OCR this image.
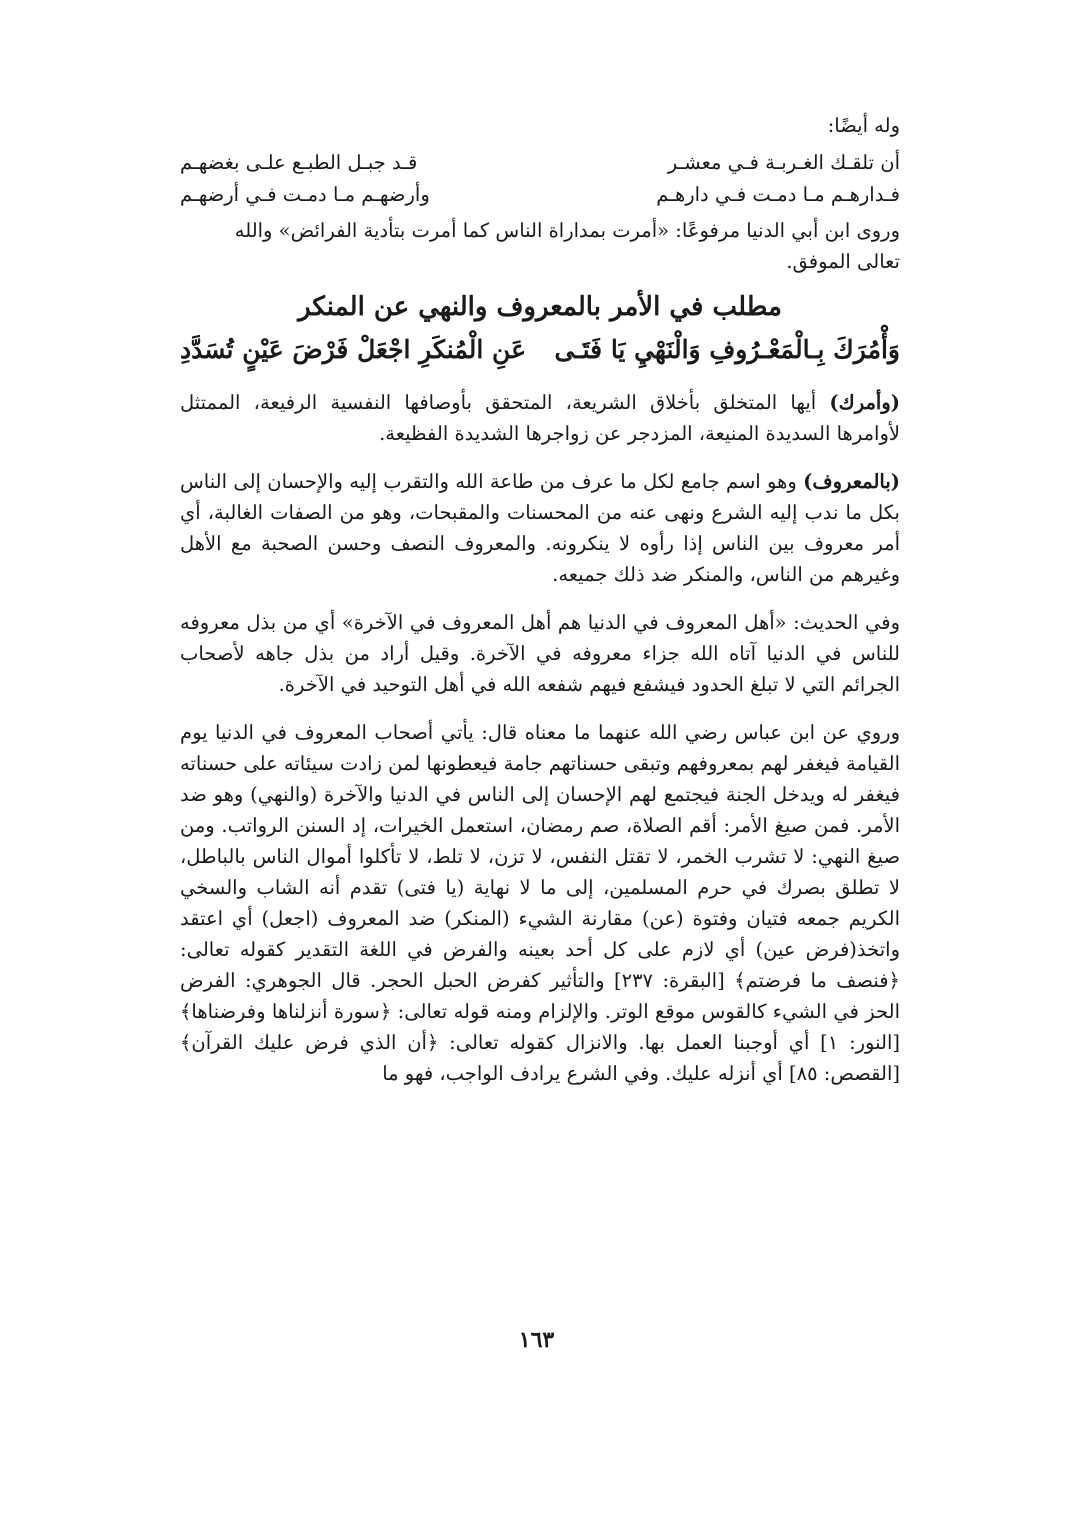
وله أيضًا:
أن تلقـك الغـربـة فـي معشـر
قـد جبـل الطبـع علـى بغضهـم
فـدارهـم مـا دمـت فـي دارهـم
وأرضهـم مـا دمـت فـي أرضهـم
وروى ابن أبي الدنيا مرفوعًا: «أمرت بمداراة الناس كما أمرت بتأدية الفرائض» والله
تعالى الموفق.
مطلب في الأمر بالمعروف والنهي عن المنكر
وَأْمُرَكَ بِـالْمَعْـرُوفِ وَالْنَهْيِ يَا فَتَـى
عَنِ الْمُنكَرِ اجْعَلْ فَرْضَ عَيْنٍ تُسَدَّدِ

(وأمرك) أيها المتخلق بأخلاق الشريعة، المتحقق بأوصافها النفسية الرفيعة، الممتثل لأوامرها السديدة المنيعة، المزدجر عن زواجرها الشديدة الفظيعة.

(بالمعروف) وهو اسم جامع لكل ما عرف من طاعة الله والتقرب إليه والإحسان إلى الناس بكل ما ندب إليه الشرع ونهى عنه من المحسنات والمقبحات، وهو من الصفات الغالبة، أي أمر معروف بين الناس إذا رأوه لا ينكرونه. والمعروف النصف وحسن الصحبة مع الأهل وغيرهم من الناس، والمنكر ضد ذلك جميعه.

وفي الحديث: «أهل المعروف في الدنيا هم أهل المعروف في الآخرة» أي من بذل معروفه للناس في الدنيا آتاه الله جزاء معروفه في الآخرة. وقيل أراد من بذل جاهه لأصحاب الجرائم التي لا تبلغ الحدود فيشفع فيهم شفعه الله في أهل التوحيد في الآخرة.

وروي عن ابن عباس رضي الله عنهما ما معناه قال: يأتي أصحاب المعروف في الدنيا يوم القيامة فيغفر لهم بمعروفهم وتبقى حسناتهم جامة فيعطونها لمن زادت سيئاته على حسناته فيغفر له ويدخل الجنة فيجتمع لهم الإحسان إلى الناس في الدنيا والآخرة (والنهي) وهو ضد الأمر. فمن صيغ الأمر: أقم الصلاة، صم رمضان، استعمل الخيرات، إد السنن الرواتب. ومن صيغ النهي: لا تشرب الخمر، لا تقتل النفس، لا تزن، لا تلط، لا تأكلوا أموال الناس بالباطل، لا تطلق بصرك في حرم المسلمين، إلى ما لا نهاية (يا فتى) تقدم أنه الشاب والسخي الكريم جمعه فتيان وفتوة (عن) مقارنة الشيء (المنكر) ضد المعروف (اجعل) أي اعتقد واتخذ(فرض عين) أي لازم على كل أحد بعينه والفرض في اللغة التقدير كقوله تعالى: ﴿فنصف ما فرضتم﴾ [البقرة: ٢٣٧] والتأثير كفرض الحبل الحجر. قال الجوهري: الفرض الحز في الشيء كالقوس موقع الوتر. والإلزام ومنه قوله تعالى: ﴿سورة أنزلناها وفرضناها﴾ [النور: ١] أي أوجبنا العمل بها. والانزال كقوله تعالى: ﴿أن الذي فرض عليك القرآن﴾ [القصص: ٨٥] أي أنزله عليك. وفي الشرع يرادف الواجب، فهو ما

١٦٣
